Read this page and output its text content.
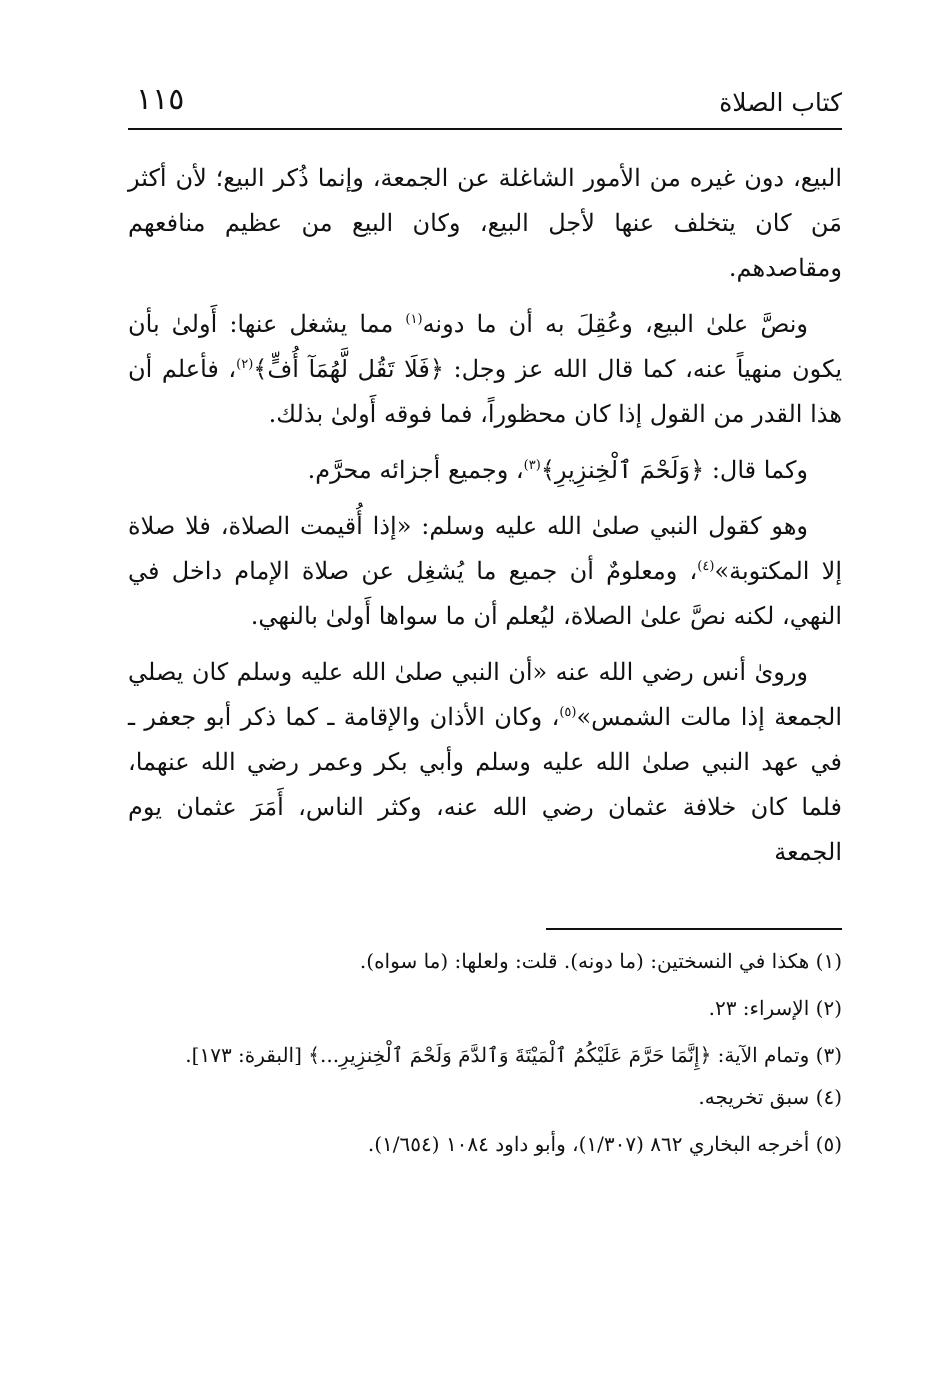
كتاب الصلاة
١١٥

البيع، دون غيره من الأمور الشاغلة عن الجمعة، وإنما ذُكر البيع؛ لأن أكثر مَن كان يتخلف عنها لأجل البيع، وكان البيع من عظيم منافعهم ومقاصدهم.

ونصَّ علىٰ البيع، وعُقِلَ به أن ما دونه$^{(١)}$ مما يشغل عنها: أَولىٰ بأن يكون منهياً عنه، كما قال الله عز وجل: ﴿فَلَا تَقُل لَّهُمَآ أُفٍّ﴾$^{(٢)}$، فأعلم أن هذا القدر من القول إذا كان محظوراً، فما فوقه أَولىٰ بذلك.

وكما قال: ﴿وَلَحْمَ ٱلْخِنزِيرِ﴾$^{(٣)}$، وجميع أجزائه محرَّم.

وهو كقول النبي صلىٰ الله عليه وسلم: «إذا أُقيمت الصلاة، فلا صلاة إلا المكتوبة»$^{(٤)}$، ومعلومٌ أن جميع ما يُشغِل عن صلاة الإمام داخل في النهي، لكنه نصَّ علىٰ الصلاة، ليُعلم أن ما سواها أَولىٰ بالنهي.

وروىٰ أنس رضي الله عنه «أن النبي صلىٰ الله عليه وسلم كان يصلي الجمعة إذا مالت الشمس»$^{(٥)}$، وكان الأذان والإقامة ـ كما ذكر أبو جعفر ـ في عهد النبي صلىٰ الله عليه وسلم وأبي بكر وعمر رضي الله عنهما، فلما كان خلافة عثمان رضي الله عنه، وكثر الناس، أَمَرَ عثمان يوم الجمعة

(١) هكذا في النسختين: (ما دونه). قلت: ولعلها: (ما سواه).
(٢) الإسراء: ٢٣.
(٣) وتمام الآية: ﴿إِنَّمَا حَرَّمَ عَلَيْكُمُ ٱلْمَيْتَةَ وَٱلدَّمَ وَلَحْمَ ٱلْخِنزِيرِ...﴾ [البقرة: ١٧٣].
(٤) سبق تخريجه.
(٥) أخرجه البخاري ٨٦٢ (١/٣٠٧)، وأبو داود ١٠٨٤ (١/٦٥٤).
